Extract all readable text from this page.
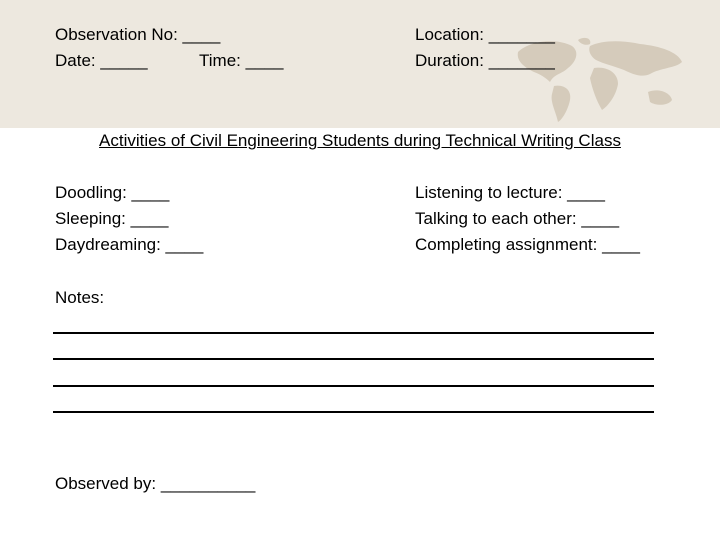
Observation No: ____
Date: _____	Time: ____
Location: _______
Duration: _______
Activities of Civil Engineering Students during Technical Writing Class
Doodling: ____
Sleeping: ____
Daydreaming: ____
Listening to lecture: ____
Talking to each other: ____
Completing assignment: ____
Notes:
Observed by: __________
